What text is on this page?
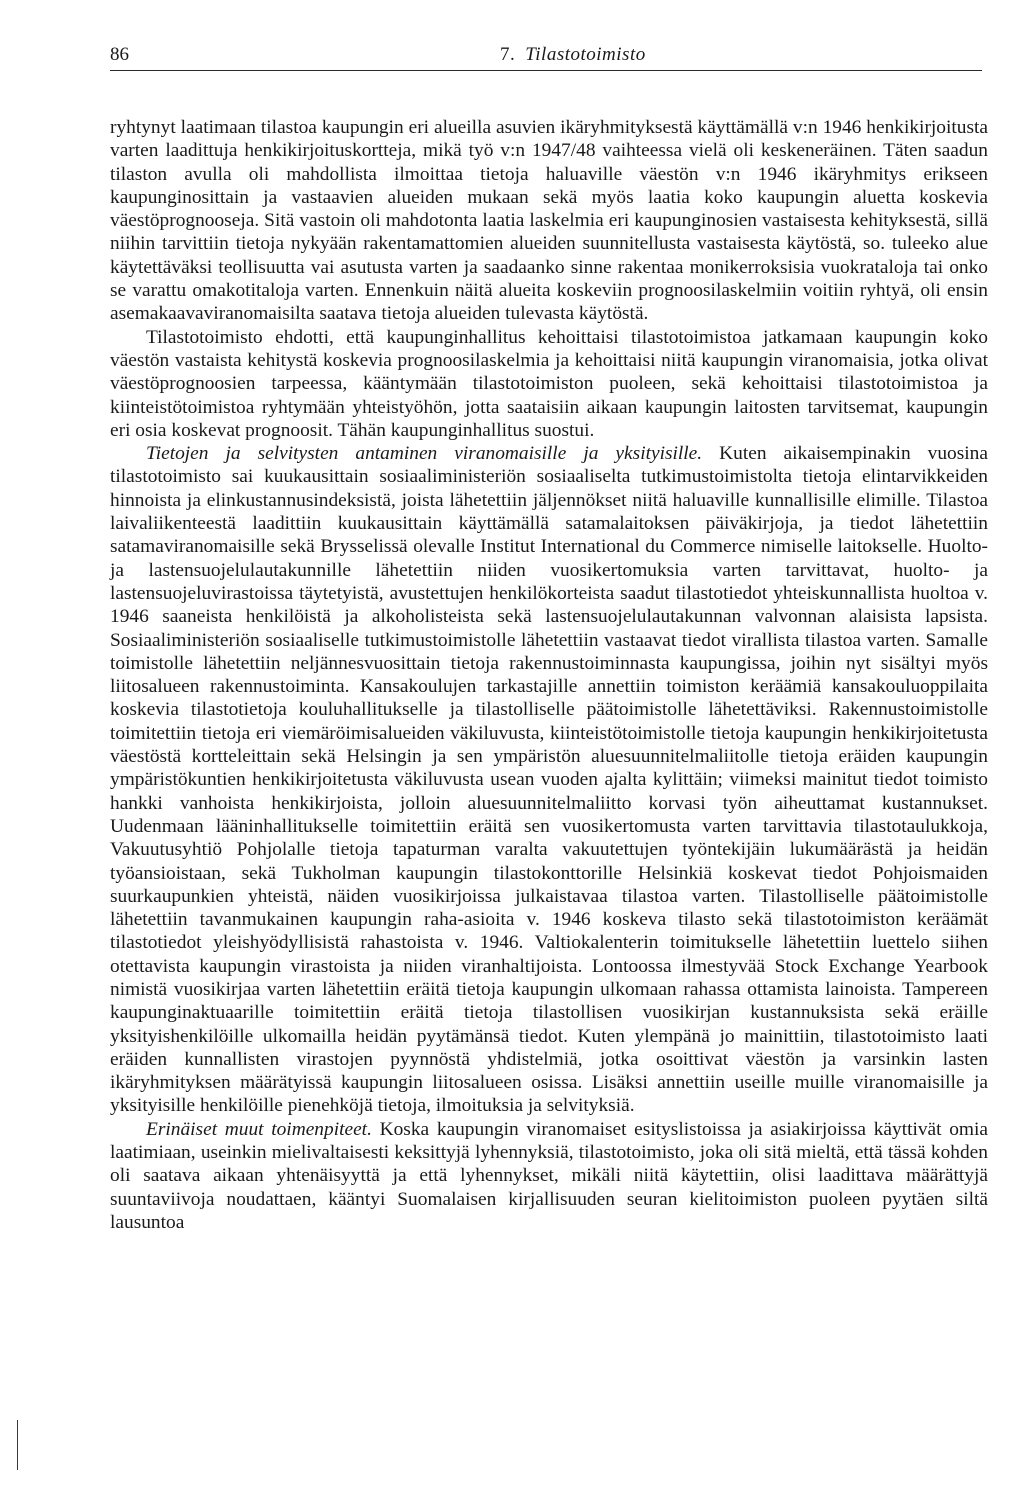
86	7. Tilastotoimisto

ryhtynyt laatimaan tilastoa kaupungin eri alueilla asuvien ikäryhmityksestä käyttämällä v:n 1946 henkikirjoitusta varten laadittuja henkikirjoituskortteja, mikä työ v:n 1947/48 vaihteessa vielä oli keskeneräinen. Täten saadun tilaston avulla oli mahdollista ilmoittaa tietoja haluaville väestön v:n 1946 ikäryhmitys erikseen kaupunginosittain ja vastaavien alueiden mukaan sekä myös laatia koko kaupungin aluetta koskevia väestöprognooseja. Sitä vastoin oli mahdotonta laatia laskelmia eri kaupunginosien vastaisesta kehityksestä, sillä niihin tarvittiin tietoja nykyään rakentamattomien alueiden suunnitellusta vastaisesta käytöstä, so. tuleeko alue käytettäväksi teollisuutta vai asutusta varten ja saadaanko sinne rakentaa monikerroksisia vuokrataloja tai onko se varattu omakotitaloja varten. Ennenkuin näitä alueita koskeviin prognoosilaskelmiin voitiin ryhtyä, oli ensin asemakaavaviranomaisilta saatava tietoja alueiden tulevasta käytöstä.

Tilastotoimisto ehdotti, että kaupunginhallitus kehoittaisi tilastotoimistoa jatkamaan kaupungin koko väestön vastaista kehitystä koskevia prognoosilaskelmia ja kehoittaisi niitä kaupungin viranomaisia, jotka olivat väestöprognoosien tarpeessa, kääntymään tilastotoimiston puoleen, sekä kehoittaisi tilastotoimistoa ja kiinteistötoimistoa ryhtymään yhteistyöhön, jotta saataisiin aikaan kaupungin laitosten tarvitsemat, kaupungin eri osia koskevat prognoosit. Tähän kaupunginhallitus suostui.

Tietojen ja selvitysten antaminen viranomaisille ja yksityisille. Kuten aikaisempinakin vuosina tilastotoimisto sai kuukausittain sosiaaliministeriön sosiaaliselta tutkimustoimistolta tietoja elintarvikkeiden hinnoista ja elinkustannusindeksistä, joista lähetettiin jäljennökset niitä haluaville kunnallisille elimille. Tilastoa laivaliikenteestä laadittiin kuukausittain käyttämällä satamalaitoksen päiväkirjoja, ja tiedot lähetettiin satamaviranomaisille sekä Brysselissä olevalle Institut International du Commerce nimiselle laitokselle. Huolto- ja lastensuojelulautakunnille lähetettiin niiden vuosikertomuksia varten tarvittavat, huolto- ja lastensuojeluvirastoissa täytetyistä, avustettujen henkilökorteista saadut tilastotiedot yhteiskunnallista huoltoa v. 1946 saaneista henkilöistä ja alkoholisteista sekä lastensuojelulautakunnan valvonnan alaisista lapsista. Sosiaaliministeriön sosiaaliselle tutkimustoimistolle lähetettiin vastaavat tiedot virallista tilastoa varten. Samalle toimistolle lähetettiin neljännesvuosittain tietoja rakennustoiminnasta kaupungissa, joihin nyt sisältyi myös liitosalueen rakennustoiminta. Kansakoulujen tarkastajille annettiin toimiston keräämiä kansakouluoppilaita koskevia tilastotietoja kouluhallitukselle ja tilastolliselle päätoimistolle lähetettäviksi. Rakennustoimistolle toimitettiin tietoja eri viemäröimisalueiden väkiluvusta, kiinteistötoimistolle tietoja kaupungin henkikirjoitetusta väestöstä kortteleittain sekä Helsingin ja sen ympäristön aluesuunnitelmaliitolle tietoja eräiden kaupungin ympäristökuntien henkikirjoitetusta väkiluvusta usean vuoden ajalta kylittäin; viimeksi mainitut tiedot toimisto hankki vanhoista henkikirjoista, jolloin aluesuunnitelmaliitto korvasi työn aiheuttamat kustannukset. Uudenmaan lääninhallitukselle toimitettiin eräitä sen vuosikertomusta varten tarvittavia tilastotaulukkoja, Vakuutusyhtiö Pohjolalle tietoja tapaturman varalta vakuutettujen työntekijäin lukumäärästä ja heidän työansioistaan, sekä Tukholman kaupungin tilastokonttorille Helsinkiä koskevat tiedot Pohjoismaiden suurkaupunkien yhteistä, näiden vuosikirjoissa julkaistavaa tilastoa varten. Tilastolliselle päätoimistolle lähetettiin tavanmukainen kaupungin raha-asioita v. 1946 koskeva tilasto sekä tilastotoimiston keräämät tilastotiedot yleishyödyllisistä rahastoista v. 1946. Valtiokalenterin toimitukselle lähetettiin luettelo siihen otettavista kaupungin virastoista ja niiden viranhaltijoista. Lontoossa ilmestyvää Stock Exchange Yearbook nimistä vuosikirjaa varten lähetettiin eräitä tietoja kaupungin ulkomaan rahassa ottamista lainoista. Tampereen kaupunginaktuaarille toimitettiin eräitä tietoja tilastollisen vuosikirjan kustannuksista sekä eräille yksityishenkilöille ulkomailla heidän pyytämänsä tiedot. Kuten ylempänä jo mainittiin, tilastotoimisto laati eräiden kunnallisten virastojen pyynnöstä yhdistelmiä, jotka osoittivat väestön ja varsinkin lasten ikäryhmityksen määrätyissä kaupungin liitosalueen osissa. Lisäksi annettiin useille muille viranomaisille ja yksityisille henkilöille pienehköjä tietoja, ilmoituksia ja selvityksiä.

Erinäiset muut toimenpiteet. Koska kaupungin viranomaiset esityslistoissa ja asiakirjoissa käyttivät omia laatimiaan, useinkin mielivaltaisesti keksittyjä lyhennyksiä, tilastotoimisto, joka oli sitä mieltä, että tässä kohden oli saatava aikaan yhtenäisyyttä ja että lyhennykset, mikäli niitä käytettiin, olisi laadittava määrättyjä suuntaviivoja noudattaen, kääntyi Suomalaisen kirjallisuuden seuran kielitoimiston puoleen pyytäen siltä lausuntoa
